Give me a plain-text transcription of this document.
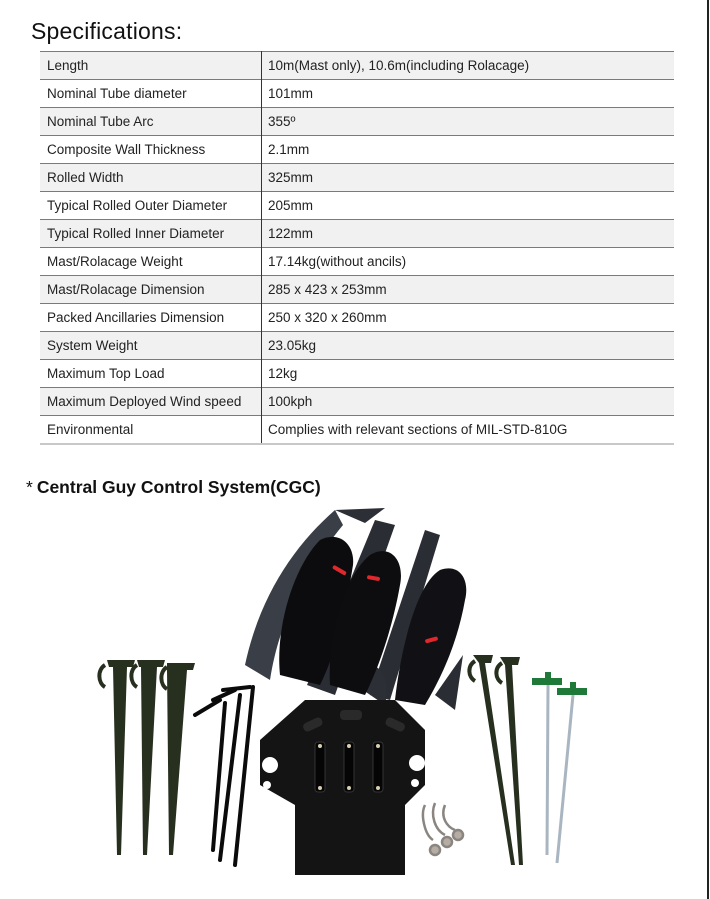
Specifications:
Length	10m(Mast only), 10.6m(including Rolacage)
Nominal Tube diameter	101mm
Nominal Tube Arc	355º
Composite Wall Thickness	2.1mm
Rolled Width	325mm
Typical Rolled Outer Diameter	205mm
Typical Rolled Inner Diameter	122mm
Mast/Rolacage Weight	17.14kg(without ancils)
Mast/Rolacage Dimension	285 x 423 x 253mm
Packed Ancillaries Dimension	250 x 320 x 260mm
System Weight	23.05kg
Maximum Top Load	12kg
Maximum Deployed Wind speed	100kph
Environmental	Complies with relevant sections of MIL-STD-810G
* Central Guy Control System(CGC)
